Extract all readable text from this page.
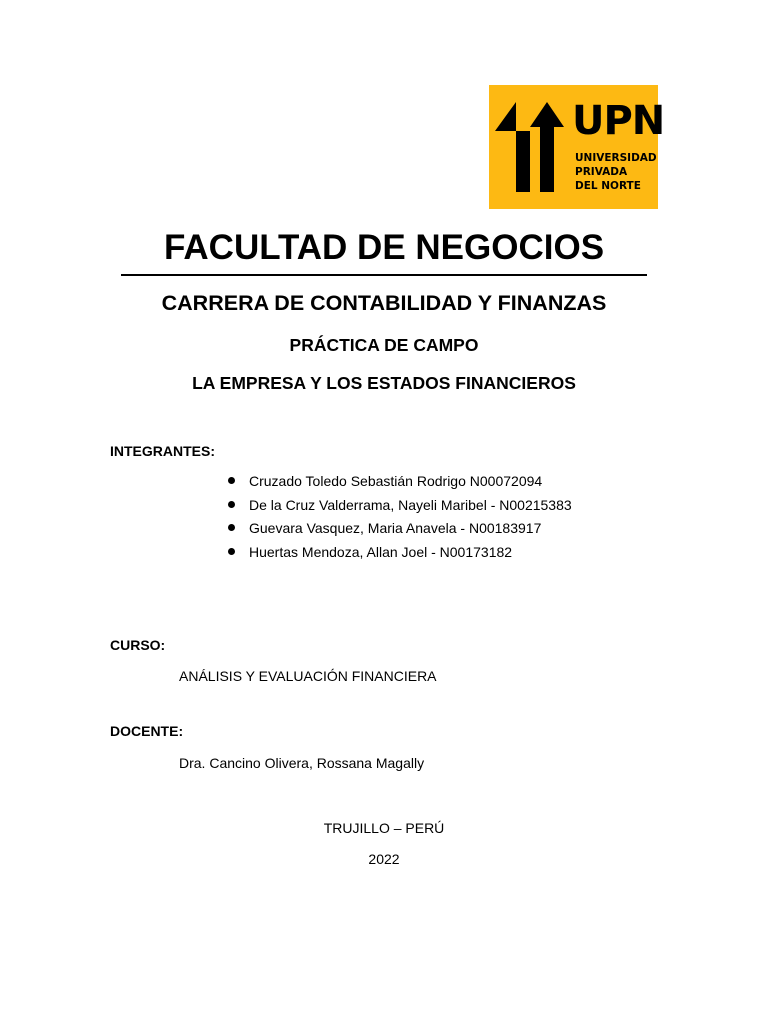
UPN
UNIVERSIDAD
PRIVADA
DEL NORTE
FACULTAD DE NEGOCIOS
CARRERA DE CONTABILIDAD Y FINANZAS
PRÁCTICA DE CAMPO
LA EMPRESA Y LOS ESTADOS FINANCIEROS
INTEGRANTES:
Cruzado Toledo Sebastián Rodrigo N00072094
De la Cruz Valderrama, Nayeli Maribel - N00215383
Guevara Vasquez, Maria Anavela - N00183917
Huertas Mendoza, Allan Joel - N00173182
CURSO:
ANÁLISIS Y EVALUACIÓN FINANCIERA
DOCENTE:
Dra. Cancino Olivera, Rossana Magally
TRUJILLO – PERÚ
2022
